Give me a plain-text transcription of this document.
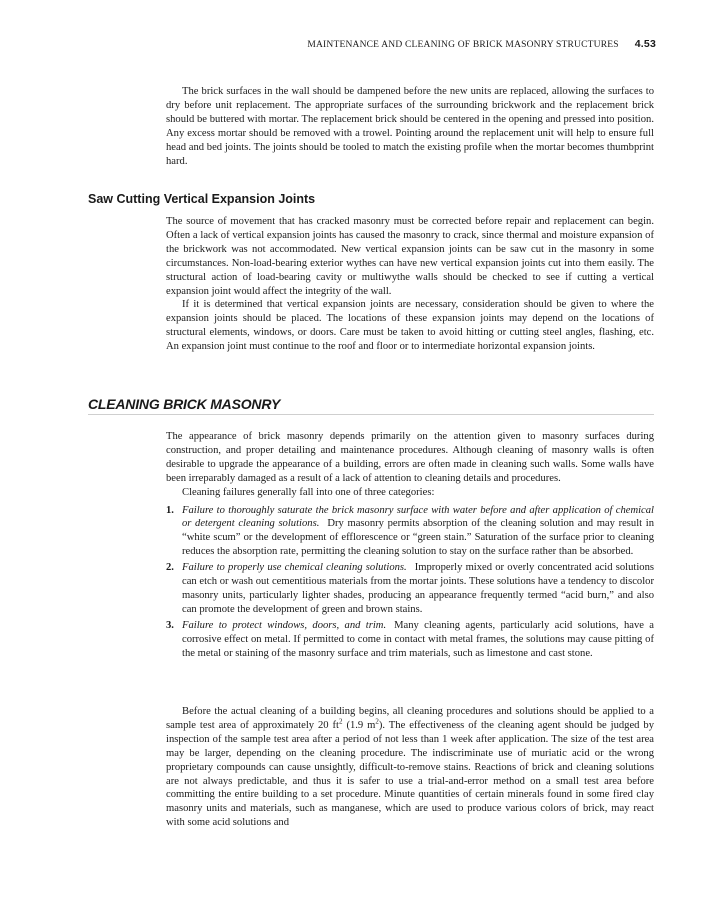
MAINTENANCE AND CLEANING OF BRICK MASONRY STRUCTURES 4.53

The brick surfaces in the wall should be dampened before the new units are replaced, allowing the surfaces to dry before unit replacement. The appropriate surfaces of the surrounding brickwork and the replacement brick should be buttered with mortar. The replacement brick should be centered in the opening and pressed into position. Any excess mortar should be removed with a trowel. Pointing around the replacement unit will help to ensure full head and bed joints. The joints should be tooled to match the existing profile when the mortar becomes thumbprint hard.

Saw Cutting Vertical Expansion Joints

The source of movement that has cracked masonry must be corrected before repair and replacement can begin. Often a lack of vertical expansion joints has caused the masonry to crack, since thermal and moisture expansion of the brickwork was not accommodated. New vertical expansion joints can be saw cut in the masonry in some circumstances. Non-load-bearing exterior wythes can have new vertical expansion joints cut into them easily. The structural action of load-bearing cavity or multiwythe walls should be checked to see if cutting a vertical expansion joint would affect the integrity of the wall.

If it is determined that vertical expansion joints are necessary, consideration should be given to where the expansion joints should be placed. The locations of these expansion joints may depend on the locations of structural elements, windows, or doors. Care must be taken to avoid hitting or cutting steel angles, flashing, etc. An expansion joint must continue to the roof and floor or to intermediate horizontal expansion joints.

CLEANING BRICK MASONRY

The appearance of brick masonry depends primarily on the attention given to masonry surfaces during construction, and proper detailing and maintenance procedures. Although cleaning of masonry walls is often desirable to upgrade the appearance of a building, errors are often made in cleaning such walls. Some walls have been irreparably damaged as a result of a lack of attention to cleaning details and procedures.

Cleaning failures generally fall into one of three categories:

1. Failure to thoroughly saturate the brick masonry surface with water before and after application of chemical or detergent cleaning solutions. Dry masonry permits absorption of the cleaning solution and may result in “white scum” or the development of efflorescence or “green stain.” Saturation of the surface prior to cleaning reduces the absorption rate, permitting the cleaning solution to stay on the surface rather than be absorbed.
2. Failure to properly use chemical cleaning solutions. Improperly mixed or overly concentrated acid solutions can etch or wash out cementitious materials from the mortar joints. These solutions have a tendency to discolor masonry units, particularly lighter shades, producing an appearance frequently termed “acid burn,” and also can promote the development of green and brown stains.
3. Failure to protect windows, doors, and trim. Many cleaning agents, particularly acid solutions, have a corrosive effect on metal. If permitted to come in contact with metal frames, the solutions may cause pitting of the metal or staining of the masonry surface and trim materials, such as limestone and cast stone.

Before the actual cleaning of a building begins, all cleaning procedures and solutions should be applied to a sample test area of approximately 20 $ft^2$ (1.9 $m^2$). The effectiveness of the cleaning agent should be judged by inspection of the sample test area after a period of not less than 1 week after application. The size of the test area may be larger, depending on the cleaning procedure. The indiscriminate use of muriatic acid or the wrong proprietary compounds can cause unsightly, difficult-to-remove stains. Reactions of brick and cleaning solutions are not always predictable, and thus it is safer to use a trial-and-error method on a small test area before committing the entire building to a set procedure. Minute quantities of certain minerals found in some fired clay masonry units and materials, such as manganese, which are used to produce various colors of brick, may react with some acid solutions and
